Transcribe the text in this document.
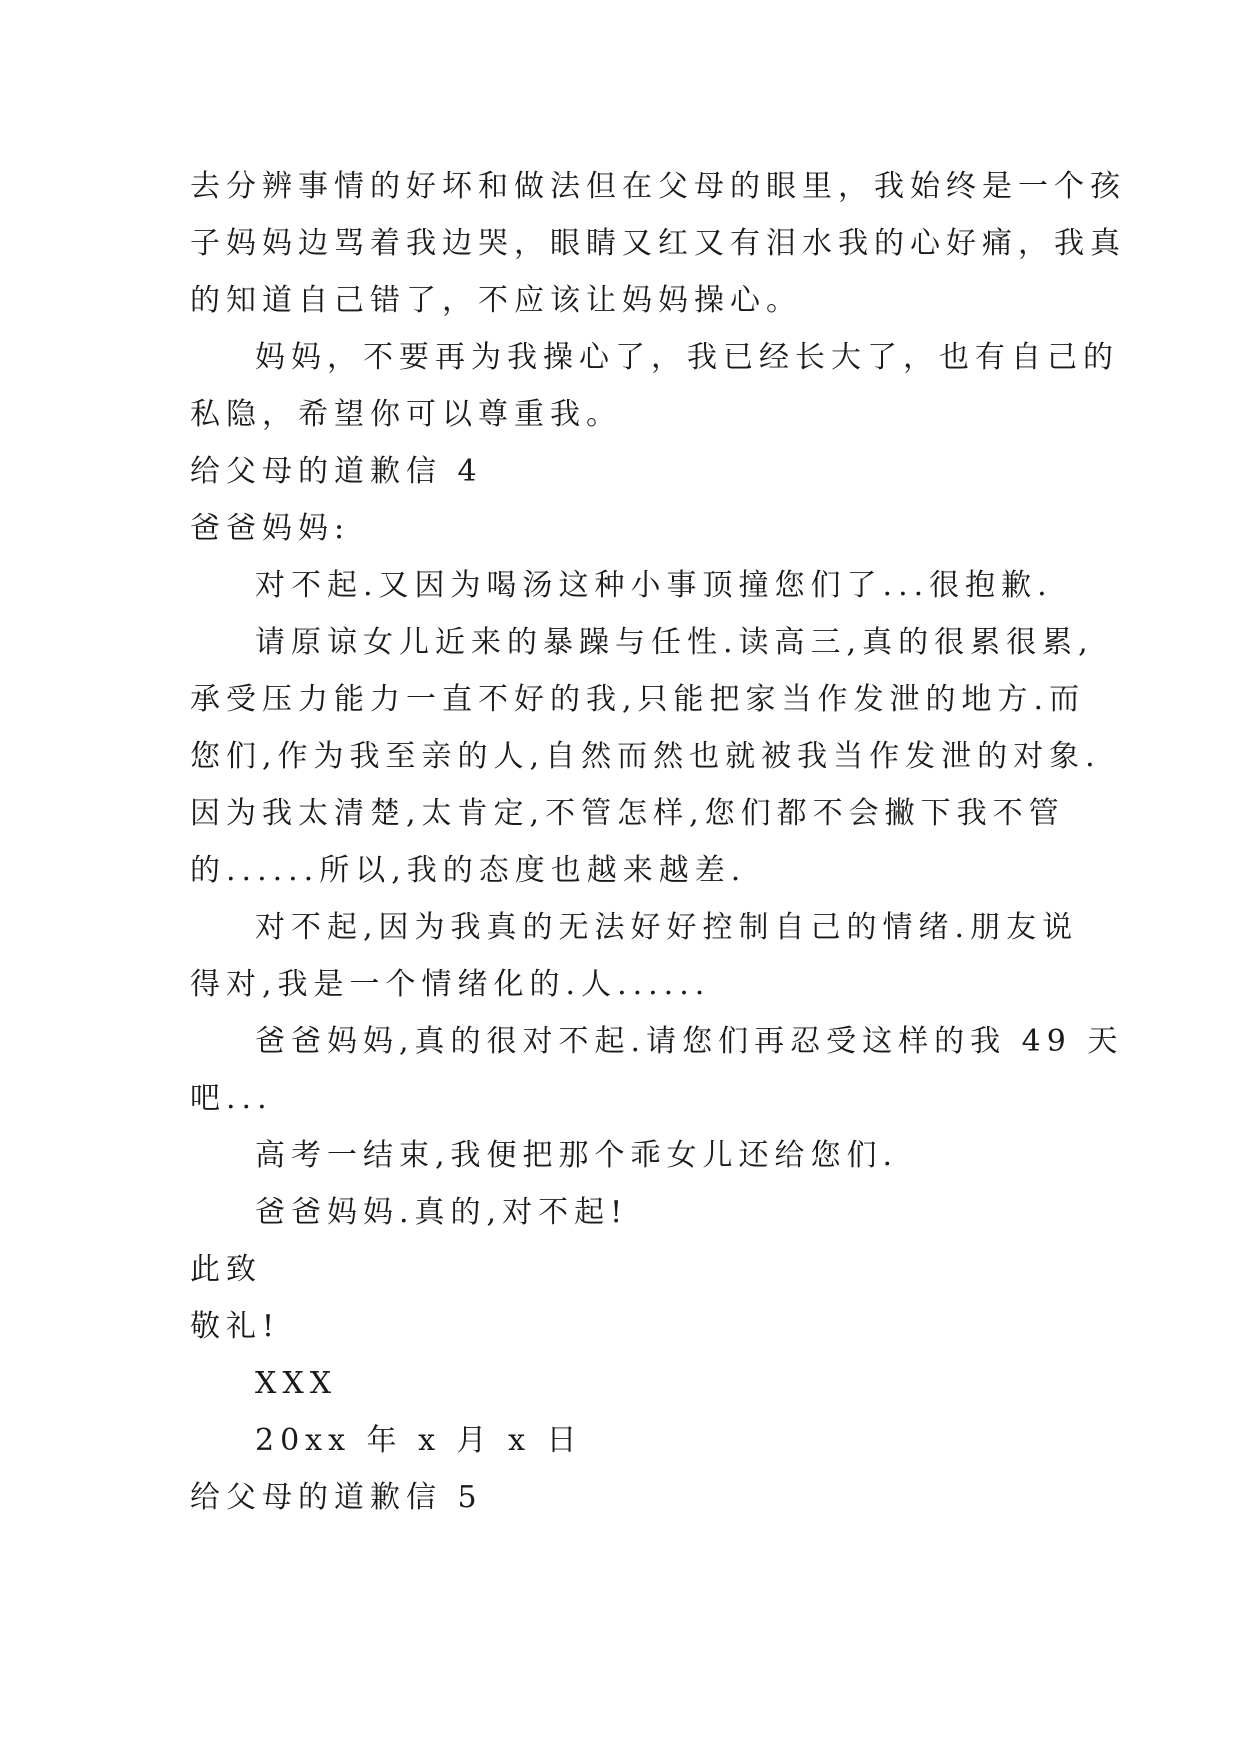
去分辨事情的好坏和做法但在父母的眼里，我始终是一个孩
子妈妈边骂着我边哭，眼睛又红又有泪水我的心好痛，我真
的知道自己错了，不应该让妈妈操心。
妈妈，不要再为我操心了，我已经长大了，也有自己的
私隐，希望你可以尊重我。
给父母的道歉信 4
爸爸妈妈:
对不起.又因为喝汤这种小事顶撞您们了...很抱歉.
请原谅女儿近来的暴躁与任性.读高三,真的很累很累,
承受压力能力一直不好的我,只能把家当作发泄的地方.而
您们,作为我至亲的人,自然而然也就被我当作发泄的对象.
因为我太清楚,太肯定,不管怎样,您们都不会撇下我不管
的......所以,我的态度也越来越差.
对不起,因为我真的无法好好控制自己的情绪.朋友说
得对,我是一个情绪化的.人......
爸爸妈妈,真的很对不起.请您们再忍受这样的我 49 天
吧...
高考一结束,我便把那个乖女儿还给您们.
爸爸妈妈.真的,对不起!
此致
敬礼!
XXX
20xx 年 x 月 x 日
给父母的道歉信 5
